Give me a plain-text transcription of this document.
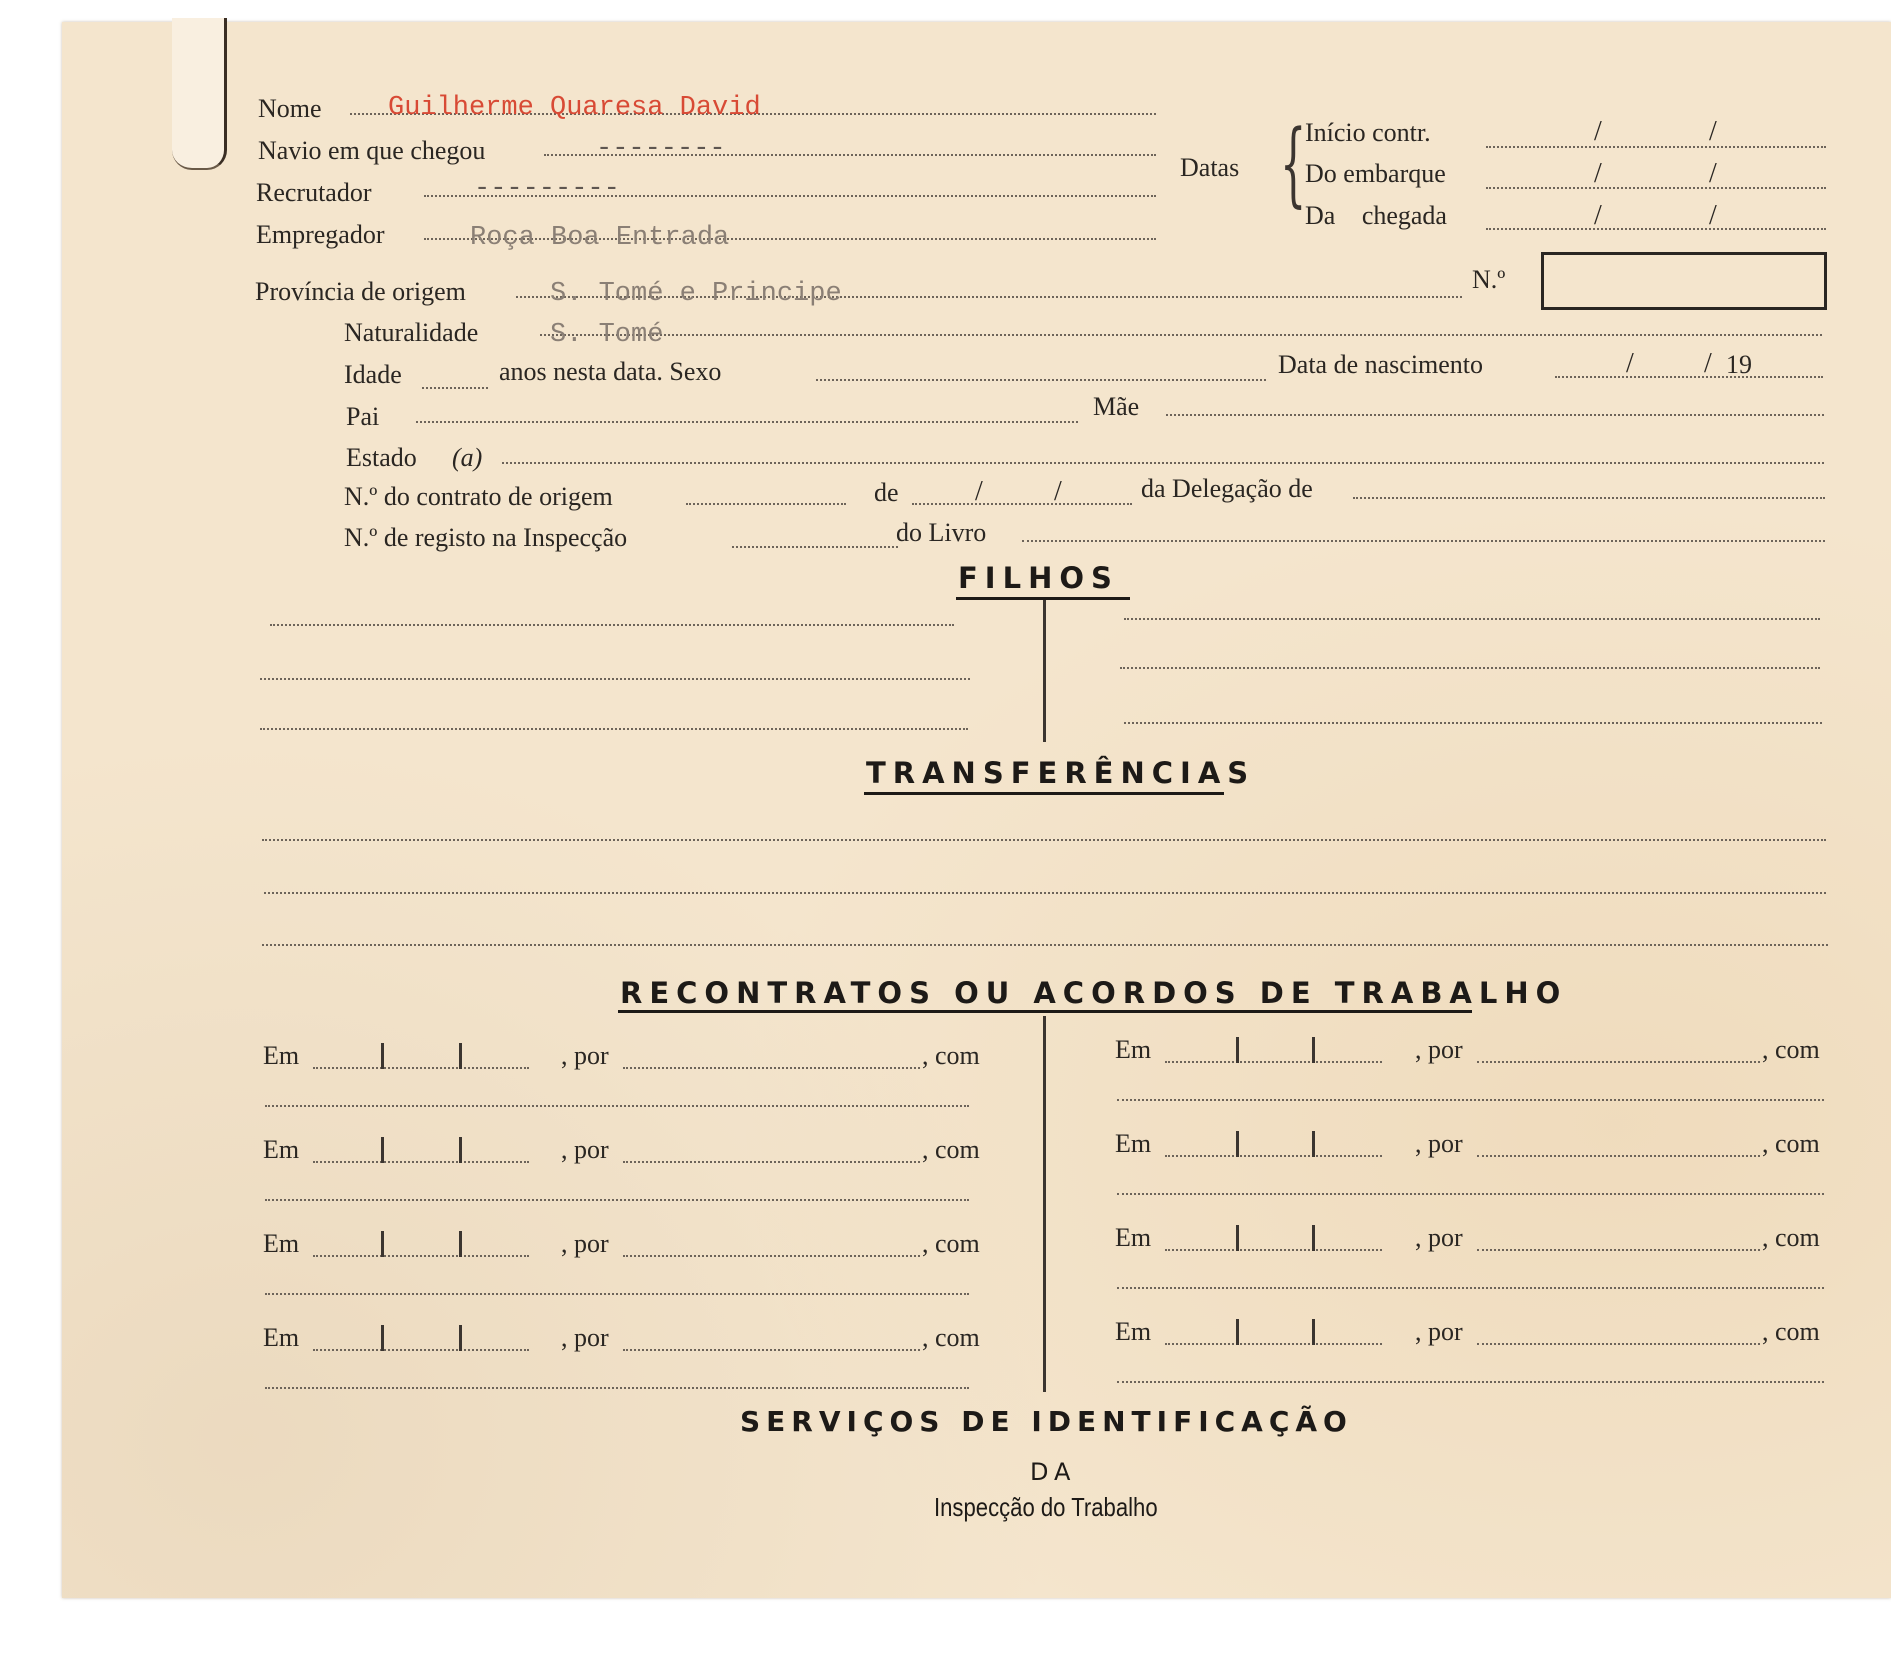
Nome Guilherme Quaresa David
Navio em que chegou	--------
Recrutador	---------
Empregador	Roça Boa Entrada
Datas {
Início contr.	/	/
Do embarque	/	/
Da chegada	/	/
Província de origem	S. Tomé e Principe	N.º
Naturalidade	S. Tomé
Idade	anos nesta data. Sexo	Data de nascimento	/	/ 19
Pai	Mãe
Estado (a)
N.º do contrato de origem	de	/	/	da Delegação de
N.º de registo na Inspecção	do Livro
FILHOS
TRANSFERÊNCIAS
RECONTRATOS OU ACORDOS DE TRABALHO
Em	, por	, com	Em	, por	, com
Em	, por	, com	Em	, por	, com
Em	, por	, com	Em	, por	, com
Em	, por	, com	Em	, por	, com
SERVIÇOS DE IDENTIFICAÇÃO
DA
Inspecção do Trabalho
